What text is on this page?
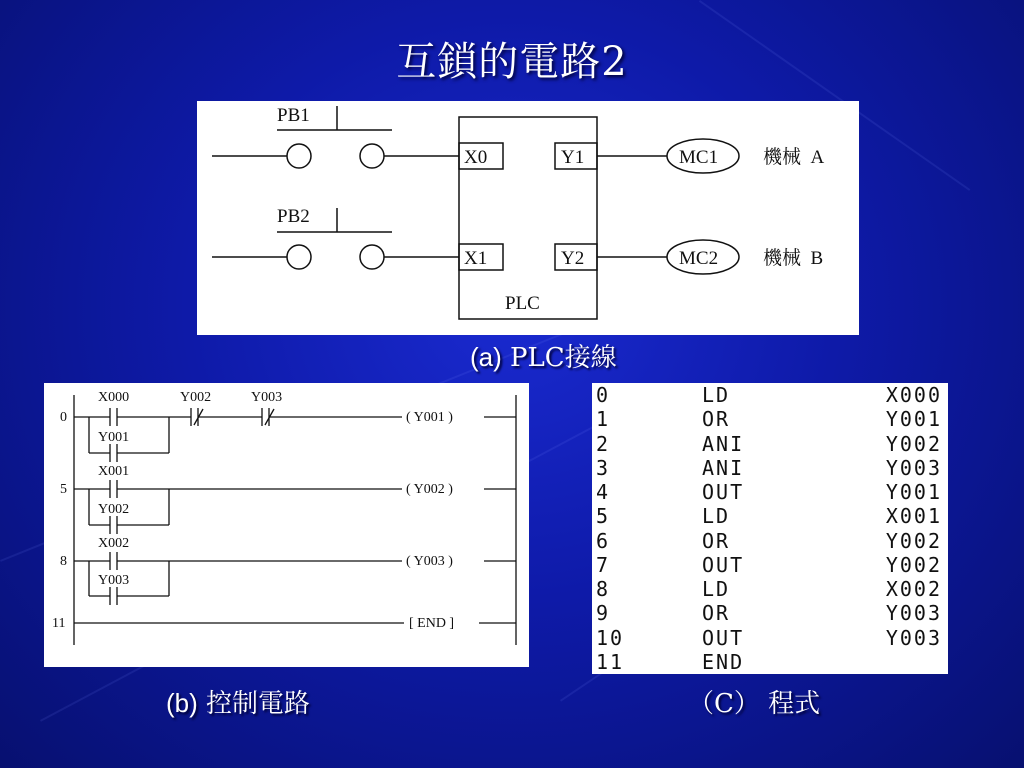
互鎖的電路2
PB1
PB2
X0
X1
Y1
Y2
PLC
MC1
MC2
機械  A
機械  B
(a) PLC接線
0
5
8
11
X000	Y002	Y003
Y001
X001
Y002
X002
Y003
( Y001 )
( Y002 )
( Y003 )
[ END ]
(b) 控制電路
0	LD	X000
1	OR	Y001
2	ANI	Y002
3	ANI	Y003
4	OUT	Y001
5	LD	X001
6	OR	Y002
7	OUT	Y002
8	LD	X002
9	OR	Y003
10	OUT	Y003
11	END	
（C） 程式
